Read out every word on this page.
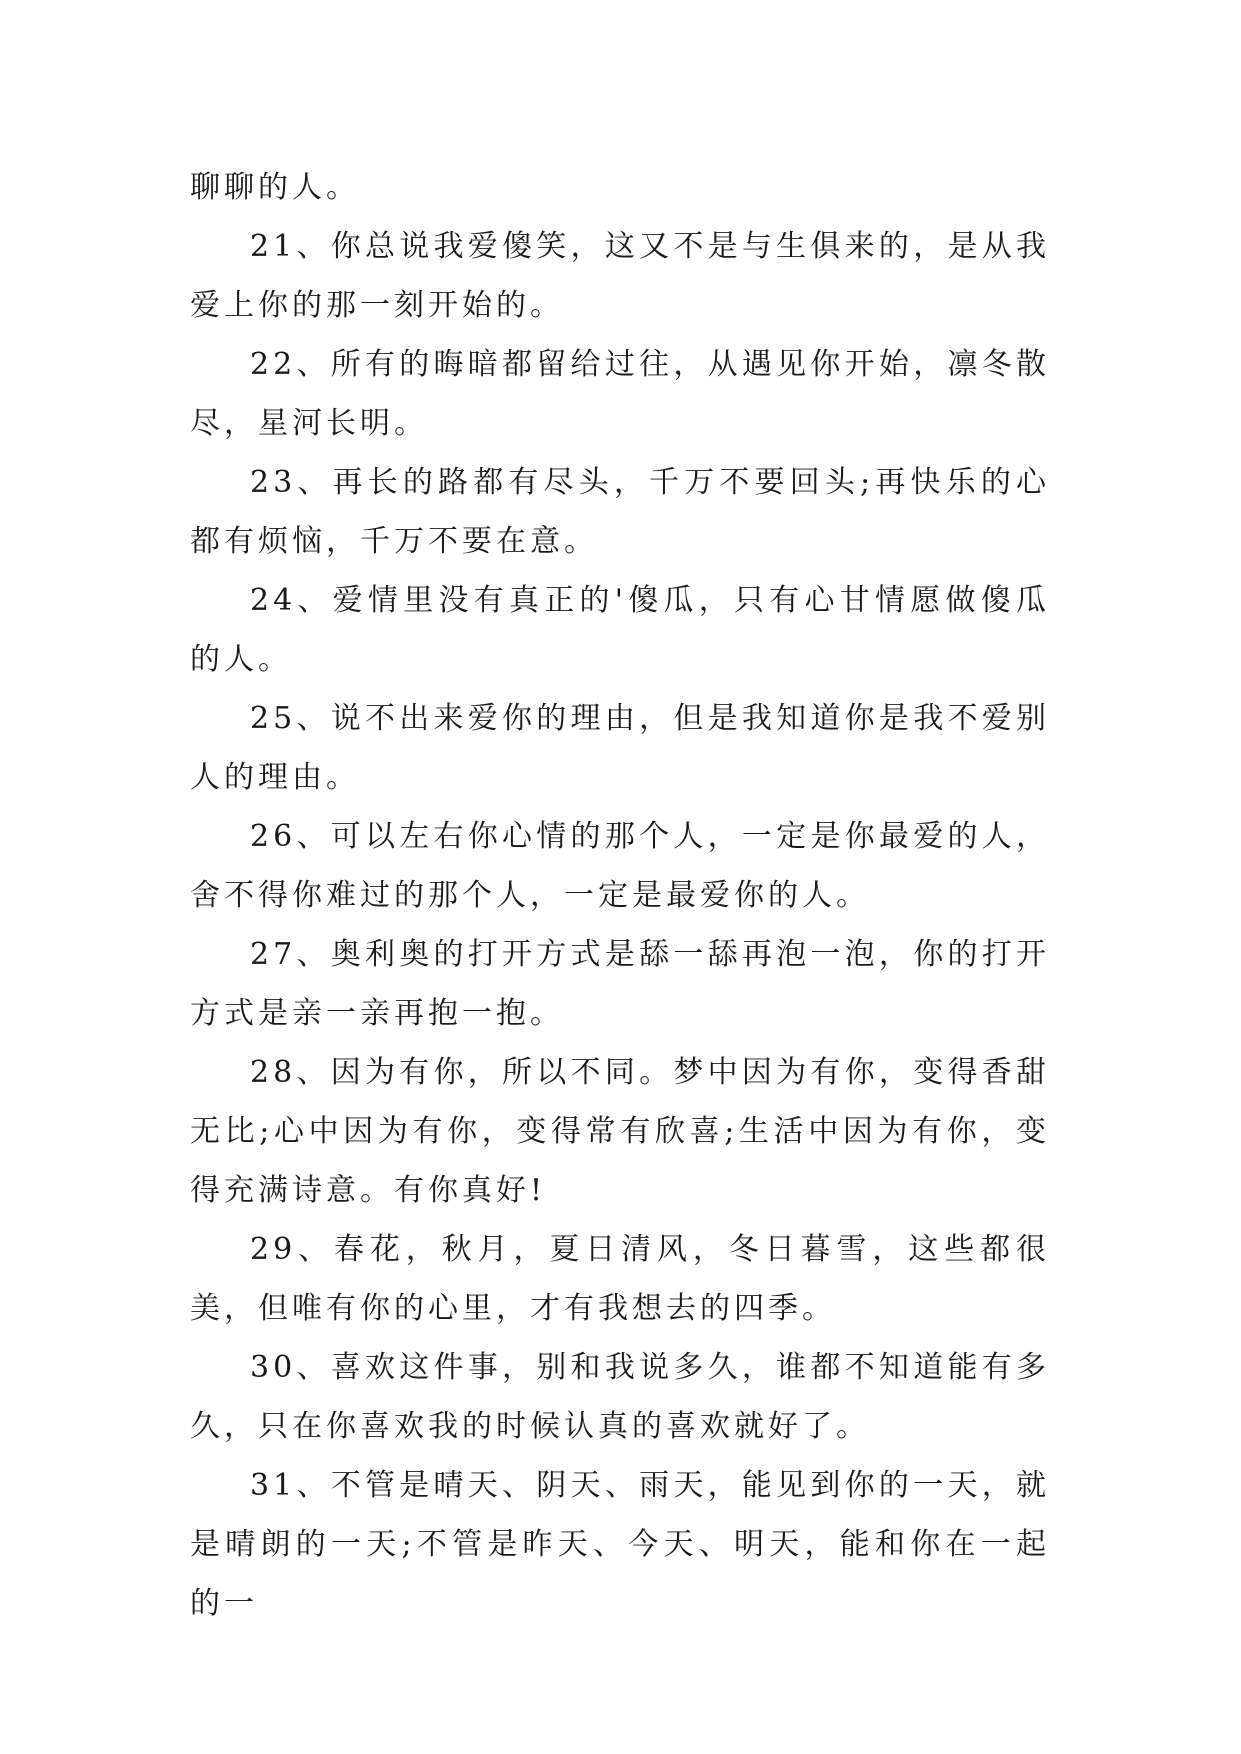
聊聊的人。

21、你总说我爱傻笑，这又不是与生俱来的，是从我爱上你的那一刻开始的。

22、所有的晦暗都留给过往，从遇见你开始，凛冬散尽，星河长明。

23、再长的路都有尽头，千万不要回头;再快乐的心都有烦恼，千万不要在意。

24、爱情里没有真正的'傻瓜，只有心甘情愿做傻瓜的人。

25、说不出来爱你的理由，但是我知道你是我不爱别人的理由。

26、可以左右你心情的那个人，一定是你最爱的人，舍不得你难过的那个人，一定是最爱你的人。

27、奥利奥的打开方式是舔一舔再泡一泡，你的打开方式是亲一亲再抱一抱。

28、因为有你，所以不同。梦中因为有你，变得香甜无比;心中因为有你，变得常有欣喜;生活中因为有你，变得充满诗意。有你真好!

29、春花，秋月，夏日清风，冬日暮雪，这些都很美，但唯有你的心里，才有我想去的四季。

30、喜欢这件事，别和我说多久，谁都不知道能有多久，只在你喜欢我的时候认真的喜欢就好了。

31、不管是晴天、阴天、雨天，能见到你的一天，就是晴朗的一天;不管是昨天、今天、明天，能和你在一起的一
